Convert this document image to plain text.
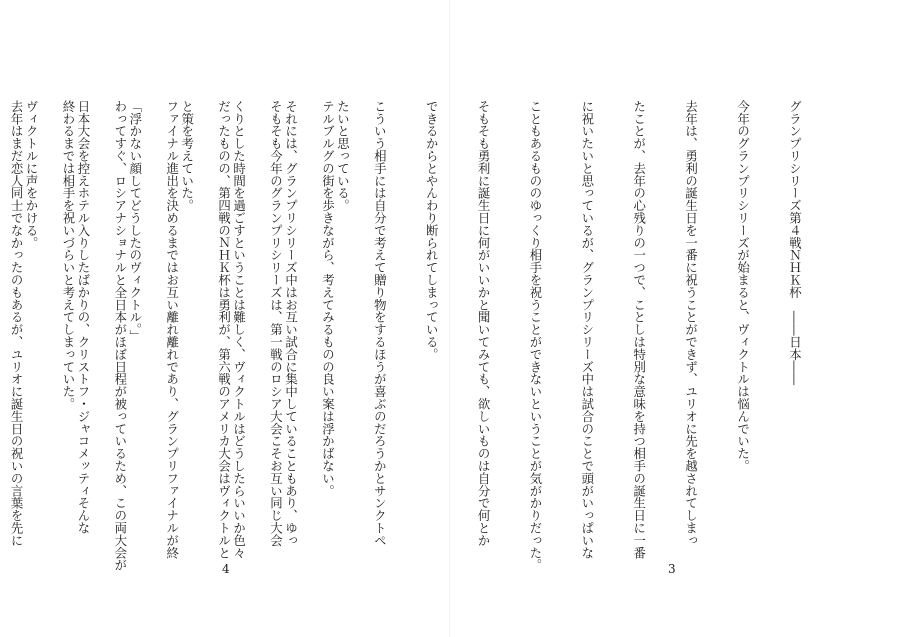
たいと思っている。

それには、グランプリシリーズ中はお互い試合に集中していることもあり、ゆっ

くりとした時間を過ごすということは難しく、ヴィクトルはどうしたらいいか色々

と策を考えていた。

「浮かない顔してどうしたのヴィクトル。」

日本大会を控えホテル入りしたばかりの、クリストフ・ジャコメッティそんな

ヴィクトルに声をかける。

4

グランプリシリーズ第４戦ＮＨＫ杯　――日本――

今年のグランプリシリーズが始まると、ヴィクトルは悩んでいた。

去年は、勇利の誕生日を一番に祝うことができず、ユリオに先を越されてしまっ

たことが、去年の心残りの一つで、ことしは特別な意味を持つ相手の誕生日に一番

に祝いたいと思っているが、グランプリシリーズ中は試合のことで頭がいっぱいな

こともあるもののゆっくり相手を祝うことができないということが気がかりだった。

そもそも勇利に誕生日に何がいいかと聞いてみても、欲しいものは自分で何とか

できるからとやんわり断られてしまっている。

こういう相手には自分で考えて贈り物をするほうが喜ぶのだろうかとサンクトペ

テルブルグの街を歩きながら、考えてみるものの良い案は浮かばない。

そもそも今年のグランプリシリーズは、第一戦のロシア大会こそお互い同じ大会

だったものの、第四戦のＮＨＫ杯は勇利が、第六戦のアメリカ大会はヴィクトルと

ファイナル進出を決めるまではお互い離れ離れであり、グランプリファイナルが終

わってすぐ、ロシアナショナルと全日本がほぼ日程が被っているため、この両大会が

終わるまでは相手を祝いづらいと考えてしまっていた。

去年はまだ恋人同士でなかったのもあるが、ユリオに誕生日の祝いの言葉を先に

3
